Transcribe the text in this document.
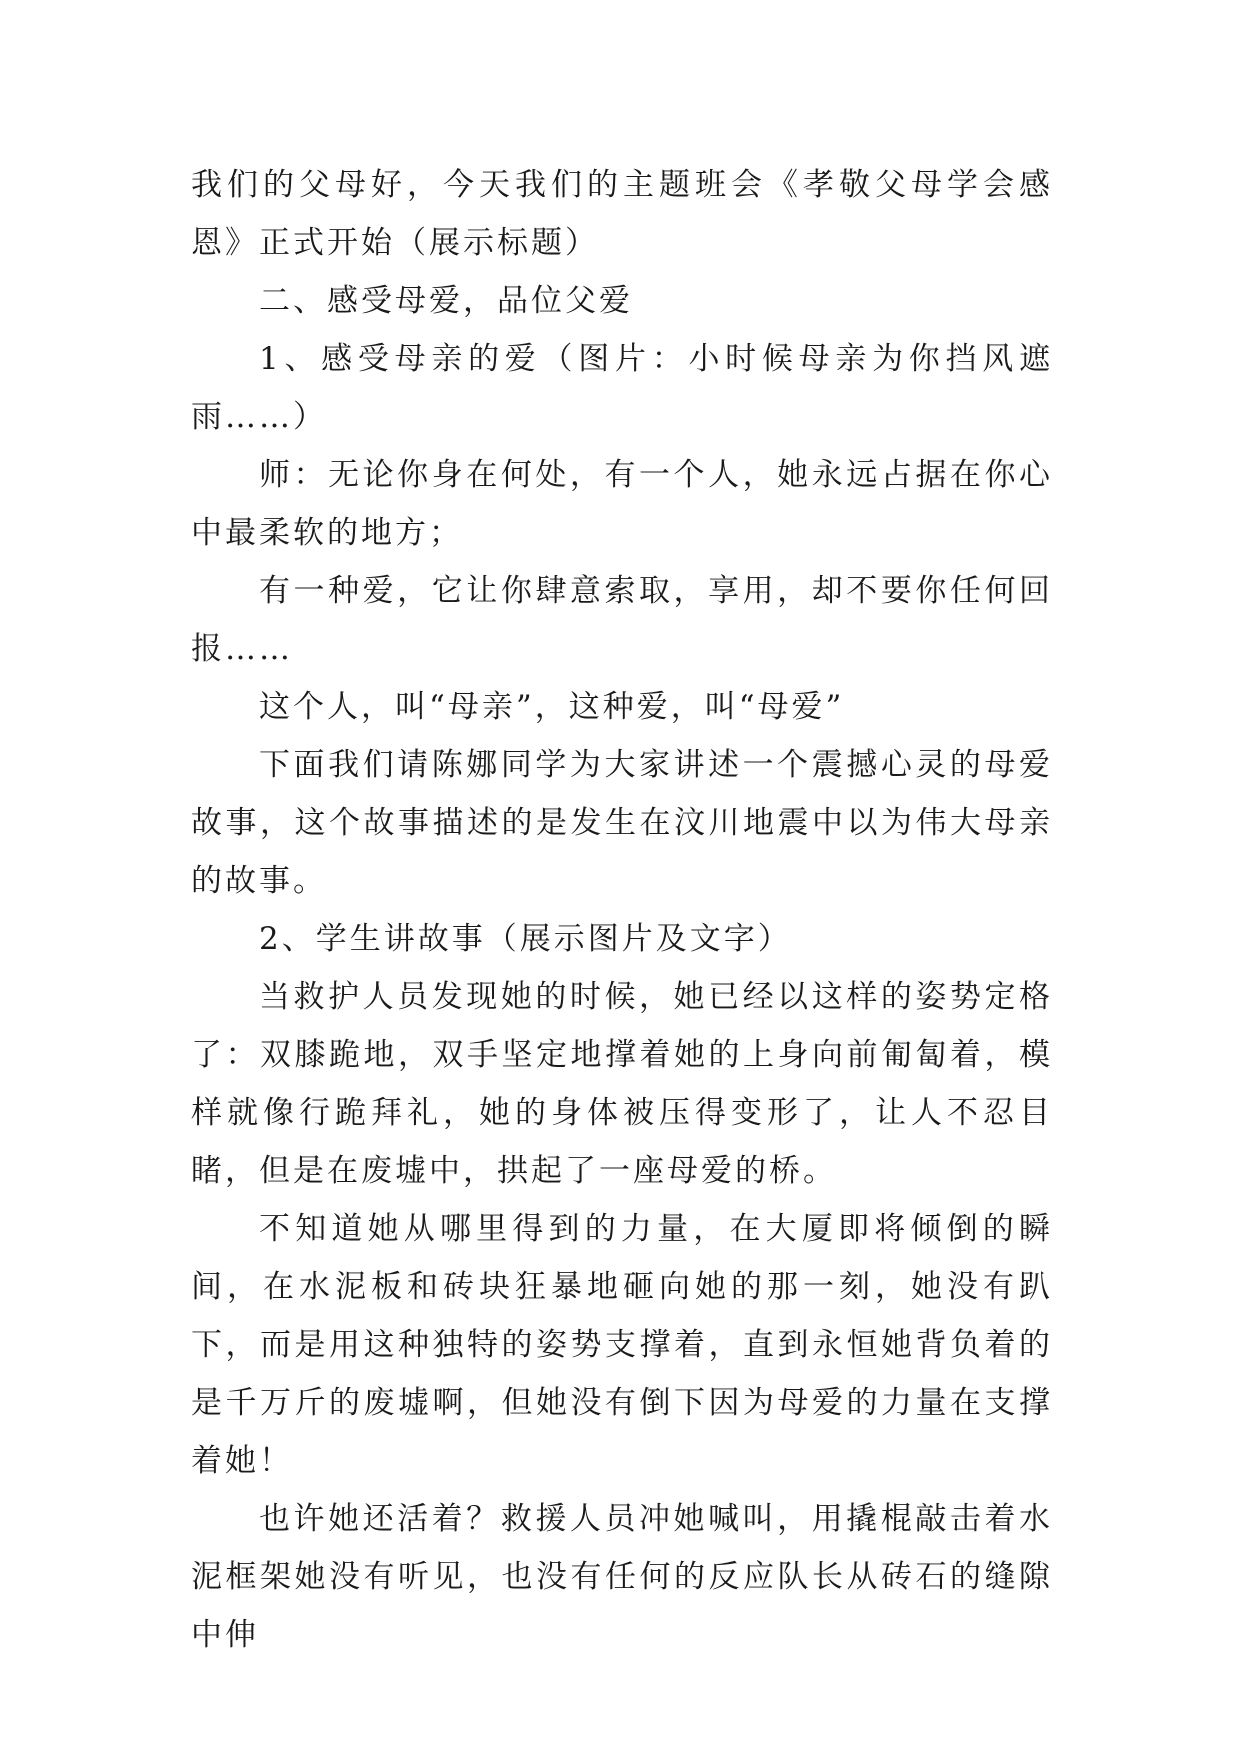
我们的父母好，今天我们的主题班会《孝敬父母学会感恩》正式开始（展示标题）

二、感受母爱，品位父爱

1、感受母亲的爱（图片：小时候母亲为你挡风遮雨……）

师：无论你身在何处，有一个人，她永远占据在你心中最柔软的地方；

有一种爱，它让你肆意索取，享用，却不要你任何回报……

这个人，叫“母亲”，这种爱，叫“母爱”

下面我们请陈娜同学为大家讲述一个震撼心灵的母爱故事，这个故事描述的是发生在汶川地震中以为伟大母亲的故事。

2、学生讲故事（展示图片及文字）

当救护人员发现她的时候，她已经以这样的姿势定格了：双膝跪地，双手坚定地撑着她的上身向前匍匐着，模样就像行跪拜礼，她的身体被压得变形了，让人不忍目睹，但是在废墟中，拱起了一座母爱的桥。

不知道她从哪里得到的力量，在大厦即将倾倒的瞬间，在水泥板和砖块狂暴地砸向她的那一刻，她没有趴下，而是用这种独特的姿势支撑着，直到永恒她背负着的是千万斤的废墟啊，但她没有倒下因为母爱的力量在支撑着她！

也许她还活着？救援人员冲她喊叫，用撬棍敲击着水泥框架她没有听见，也没有任何的反应队长从砖石的缝隙中伸
